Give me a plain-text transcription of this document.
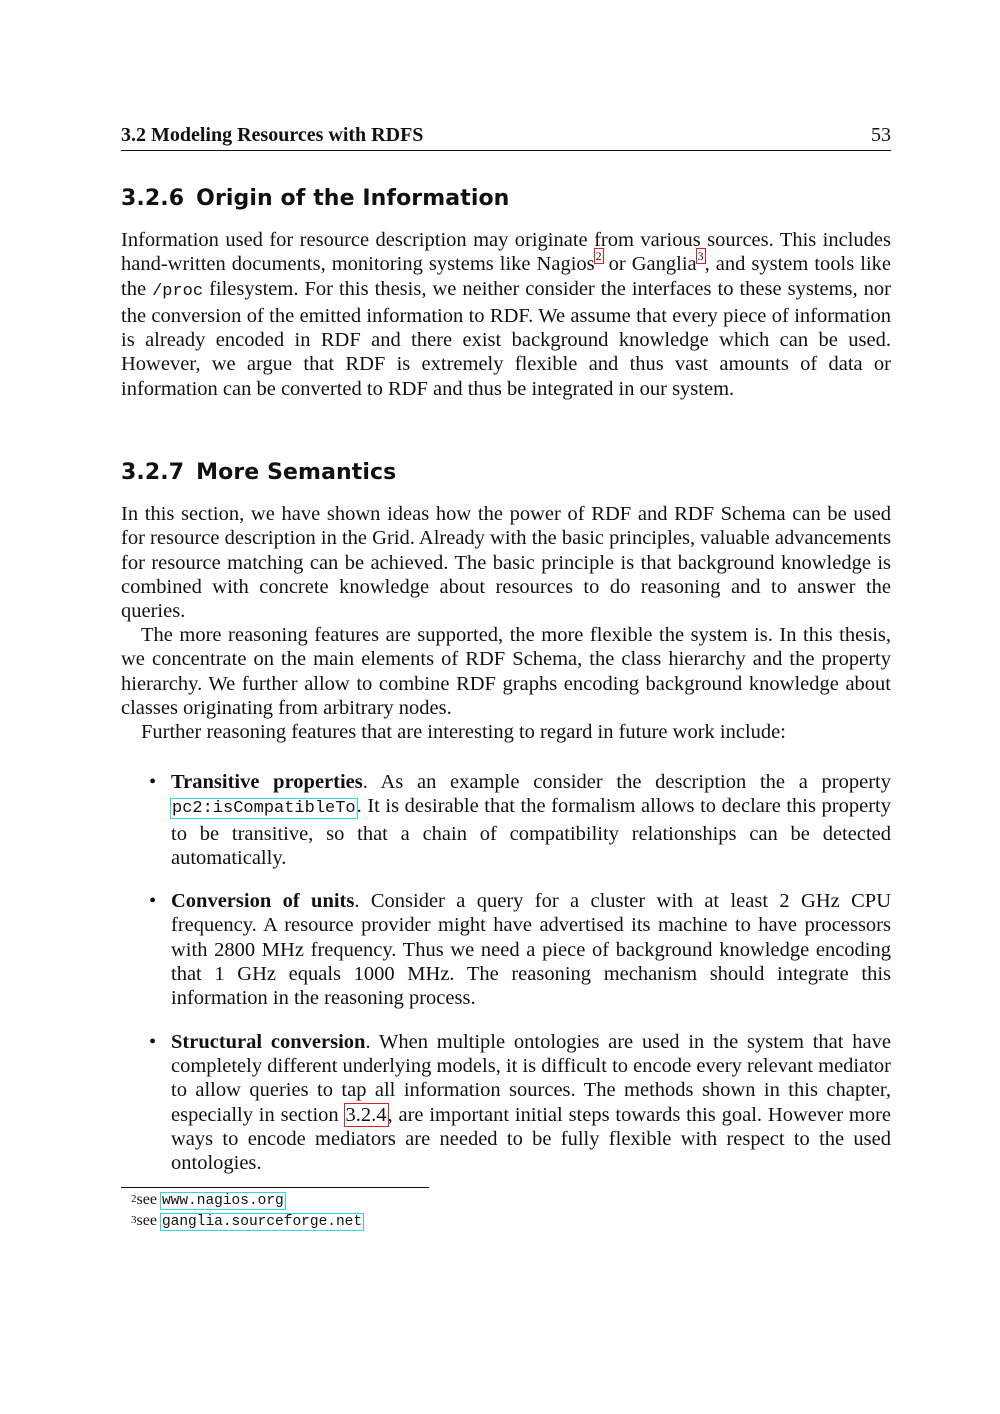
3.2 Modeling Resources with RDFS	53
3.2.6 Origin of the Information

Information used for resource description may originate from various sources. This includes hand-written documents, monitoring systems like Nagios$^2$ or Ganglia$^3$, and system tools like the /proc filesystem. For this thesis, we neither consider the interfaces to these systems, nor the conversion of the emitted information to RDF. We assume that every piece of information is already encoded in RDF and there exist background knowledge which can be used. However, we argue that RDF is extremely flexible and thus vast amounts of data or information can be converted to RDF and thus be integrated in our system.

3.2.7 More Semantics

In this section, we have shown ideas how the power of RDF and RDF Schema can be used for resource description in the Grid. Already with the basic principles, valuable advancements for resource matching can be achieved. The basic principle is that background knowledge is combined with concrete knowledge about resources to do reasoning and to answer the queries.

The more reasoning features are supported, the more flexible the system is. In this thesis, we concentrate on the main elements of RDF Schema, the class hierarchy and the property hierarchy. We further allow to combine RDF graphs encoding background knowledge about classes originating from arbitrary nodes.

Further reasoning features that are interesting to regard in future work include:

• Transitive properties. As an example consider the description the a property pc2:isCompatibleTo. It is desirable that the formalism allows to declare this property to be transitive, so that a chain of compatibility relationships can be detected automatically.
• Conversion of units. Consider a query for a cluster with at least 2 GHz CPU frequency. A resource provider might have advertised its machine to have processors with 2800 MHz frequency. Thus we need a piece of background knowledge encoding that 1 GHz equals 1000 MHz. The reasoning mechanism should integrate this information in the reasoning process.
• Structural conversion. When multiple ontologies are used in the system that have completely different underlying models, it is difficult to encode every relevant mediator to allow queries to tap all information sources. The methods shown in this chapter, especially in section 3.2.4, are important initial steps towards this goal. However more ways to encode mediators are needed to be fully flexible with respect to the used ontologies.
$^2$see www.nagios.org
$^3$see ganglia.sourceforge.net
